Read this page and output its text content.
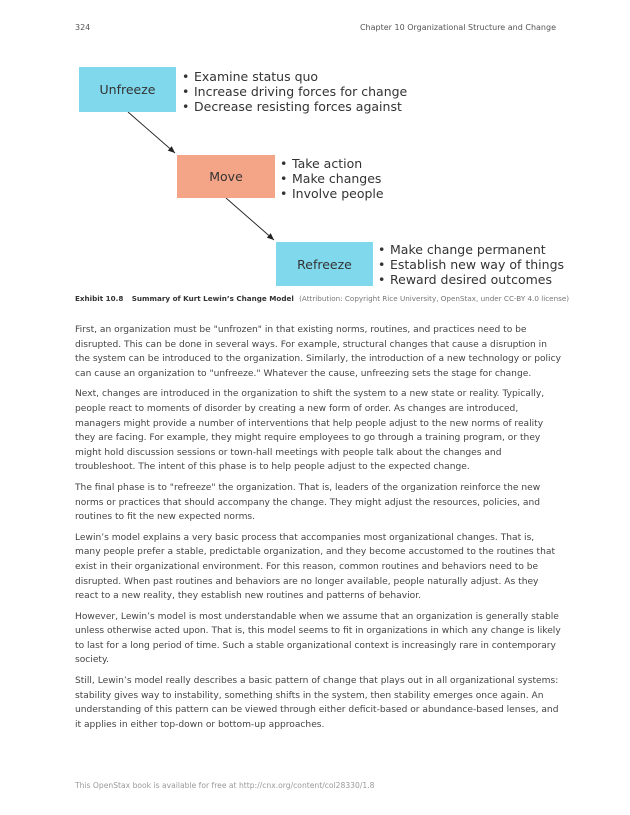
324	Chapter 10 Organizational Structure and Change
Unfreeze
• Examine status quo
• Increase driving forces for change
• Decrease resisting forces against
Move
• Take action
• Make changes
• Involve people
Refreeze
• Make change permanent
• Establish new way of things
• Reward desired outcomes
Exhibit 10.8 Summary of Kurt Lewin’s Change Model (Attribution: Copyright Rice University, OpenStax, under CC-BY 4.0 license)

First, an organization must be "unfrozen" in that existing norms, routines, and practices need to be disrupted. This can be done in several ways. For example, structural changes that cause a disruption in the system can be introduced to the organization. Similarly, the introduction of a new technology or policy can cause an organization to "unfreeze." Whatever the cause, unfreezing sets the stage for change.

Next, changes are introduced in the organization to shift the system to a new state or reality. Typically, people react to moments of disorder by creating a new form of order. As changes are introduced, managers might provide a number of interventions that help people adjust to the new norms of reality they are facing. For example, they might require employees to go through a training program, or they might hold discussion sessions or town-hall meetings with people talk about the changes and troubleshoot. The intent of this phase is to help people adjust to the expected change.

The final phase is to "refreeze" the organization. That is, leaders of the organization reinforce the new norms or practices that should accompany the change. They might adjust the resources, policies, and routines to fit the new expected norms.

Lewin’s model explains a very basic process that accompanies most organizational changes. That is, many people prefer a stable, predictable organization, and they become accustomed to the routines that exist in their organizational environment. For this reason, common routines and behaviors need to be disrupted. When past routines and behaviors are no longer available, people naturally adjust. As they react to a new reality, they establish new routines and patterns of behavior.

However, Lewin’s model is most understandable when we assume that an organization is generally stable unless otherwise acted upon. That is, this model seems to fit in organizations in which any change is likely to last for a long period of time. Such a stable organizational context is increasingly rare in contemporary society.

Still, Lewin’s model really describes a basic pattern of change that plays out in all organizational systems: stability gives way to instability, something shifts in the system, then stability emerges once again. An understanding of this pattern can be viewed through either deficit-based or abundance-based lenses, and it applies in either top-down or bottom-up approaches.

This OpenStax book is available for free at http://cnx.org/content/col28330/1.8
